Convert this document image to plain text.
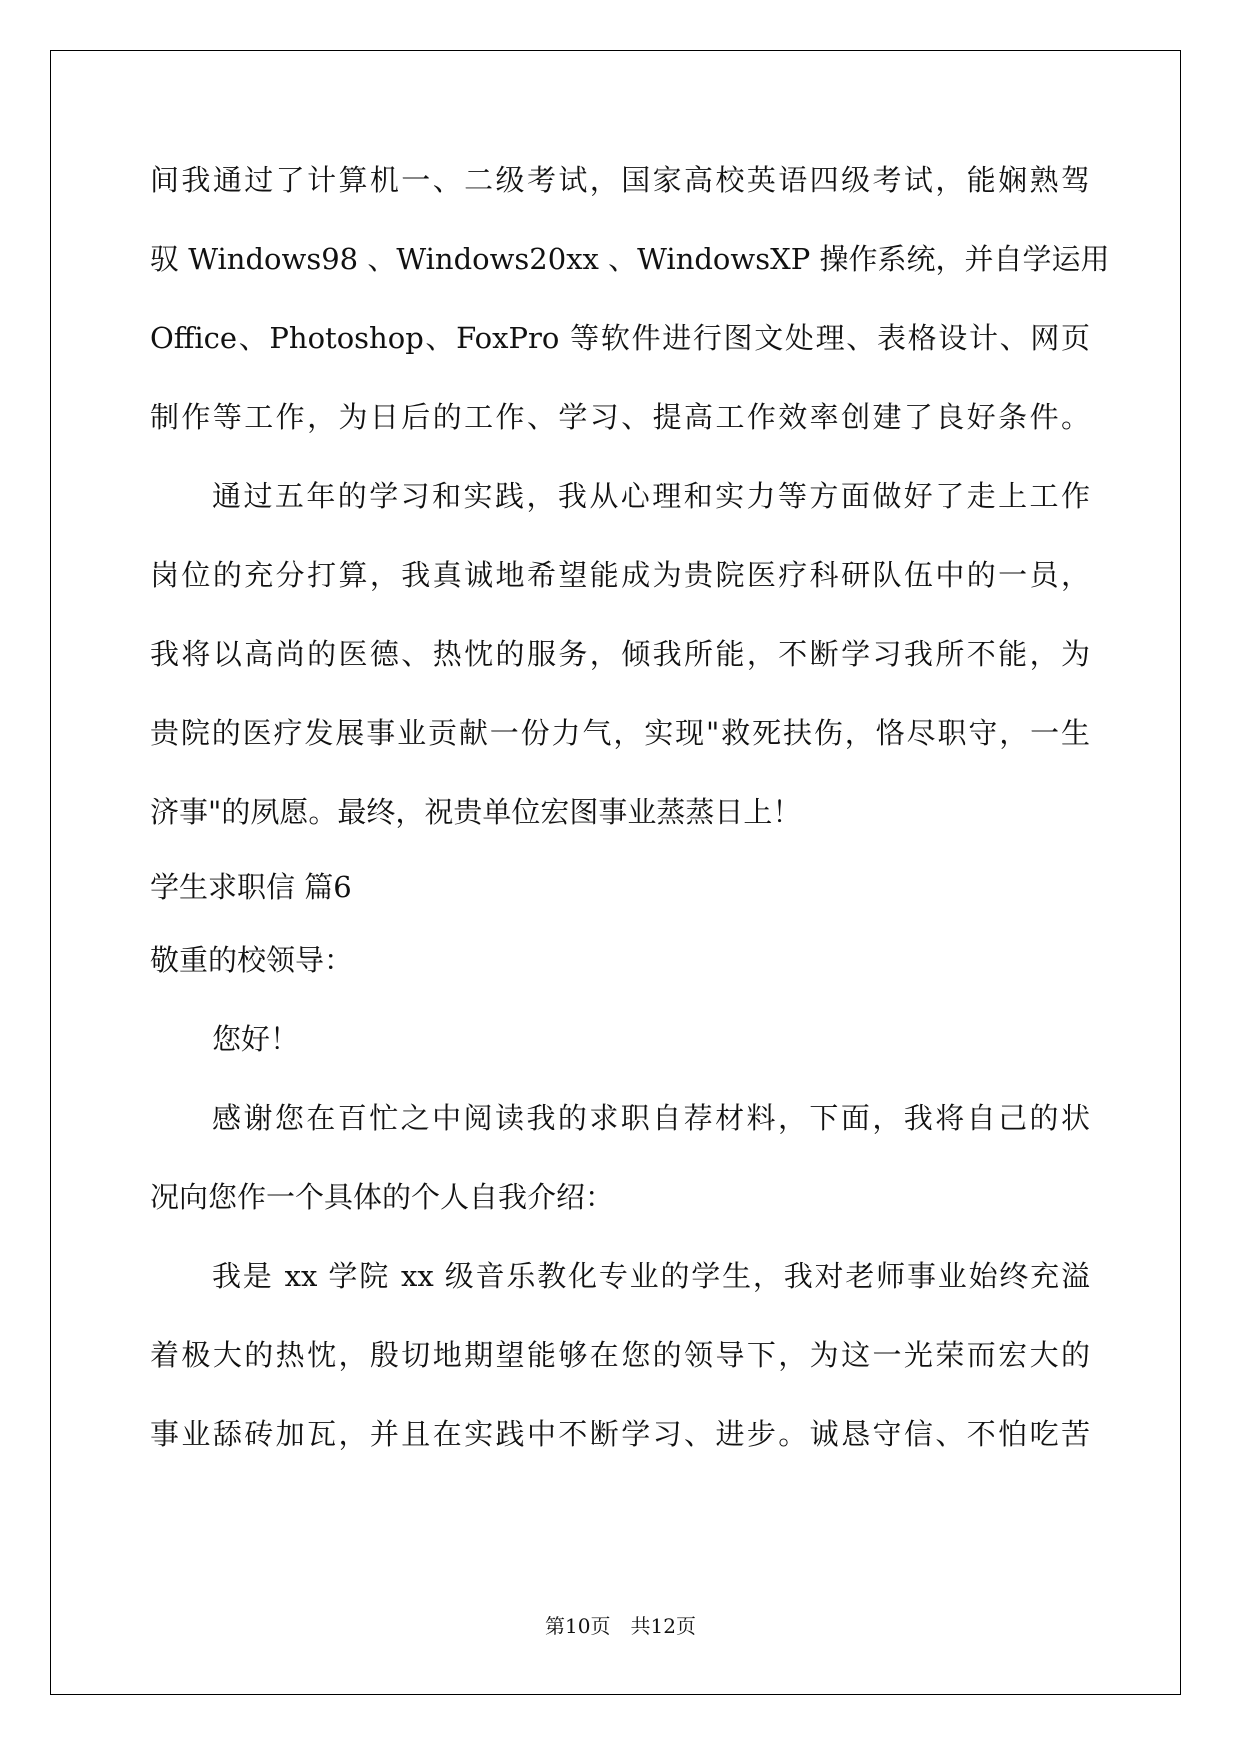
间我通过了计算机一、二级考试，国家高校英语四级考试，能娴熟驾
驭 Windows98 、Windows20xx 、WindowsXP 操作系统，并自学运用
Office、Photoshop、FoxPro 等软件进行图文处理、表格设计、网页
制作等工作，为日后的工作、学习、提高工作效率创建了良好条件。
通过五年的学习和实践，我从心理和实力等方面做好了走上工作
岗位的充分打算，我真诚地希望能成为贵院医疗科研队伍中的一员，
我将以高尚的医德、热忱的服务，倾我所能，不断学习我所不能，为
贵院的医疗发展事业贡献一份力气，实现"救死扶伤，恪尽职守，一生
济事"的夙愿。最终，祝贵单位宏图事业蒸蒸日上！
学生求职信 篇6
敬重的校领导：
您好！
感谢您在百忙之中阅读我的求职自荐材料，下面，我将自己的状
况向您作一个具体的个人自我介绍：
我是 xx 学院 xx 级音乐教化专业的学生，我对老师事业始终充溢
着极大的热忱，殷切地期望能够在您的领导下，为这一光荣而宏大的
事业舔砖加瓦，并且在实践中不断学习、进步。诚恳守信、不怕吃苦
第10页　共12页
